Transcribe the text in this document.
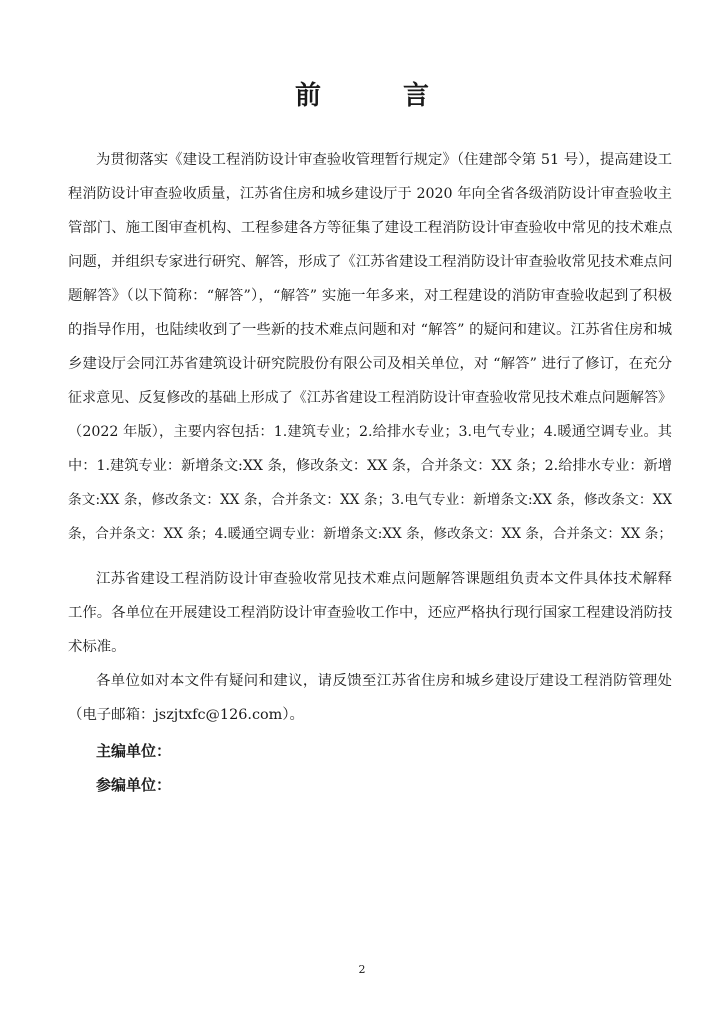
前　言
为贯彻落实《建设工程消防设计审查验收管理暂行规定》（住建部令第 51 号），提高建设工
程消防设计审查验收质量，江苏省住房和城乡建设厅于 2020 年向全省各级消防设计审查验收主
管部门、施工图审查机构、工程参建各方等征集了建设工程消防设计审查验收中常见的技术难点
问题，并组织专家进行研究、解答，形成了《江苏省建设工程消防设计审查验收常见技术难点问
题解答》（以下简称：“解答”），“解答” 实施一年多来，对工程建设的消防审查验收起到了积极
的指导作用，也陆续收到了一些新的技术难点问题和对 “解答” 的疑问和建议。江苏省住房和城
乡建设厅会同江苏省建筑设计研究院股份有限公司及相关单位，对 “解答” 进行了修订，在充分
征求意见、反复修改的基础上形成了《江苏省建设工程消防设计审查验收常见技术难点问题解答》
（2022 年版），主要内容包括：1.建筑专业；2.给排水专业；3.电气专业；4.暖通空调专业。其
中：1.建筑专业：新增条文:XX 条，修改条文：XX 条，合并条文：XX 条；2.给排水专业：新增
条文:XX 条，修改条文：XX 条，合并条文：XX 条；3.电气专业：新增条文:XX 条，修改条文：XX
条，合并条文：XX 条；4.暖通空调专业：新增条文:XX 条，修改条文：XX 条，合并条文：XX 条；
江苏省建设工程消防设计审查验收常见技术难点问题解答课题组负责本文件具体技术解释
工作。各单位在开展建设工程消防设计审查验收工作中，还应严格执行现行国家工程建设消防技
术标准。
各单位如对本文件有疑问和建议，请反馈至江苏省住房和城乡建设厅建设工程消防管理处
（电子邮箱：jszjtxfc@126.com）。
主编单位：
参编单位：
2
